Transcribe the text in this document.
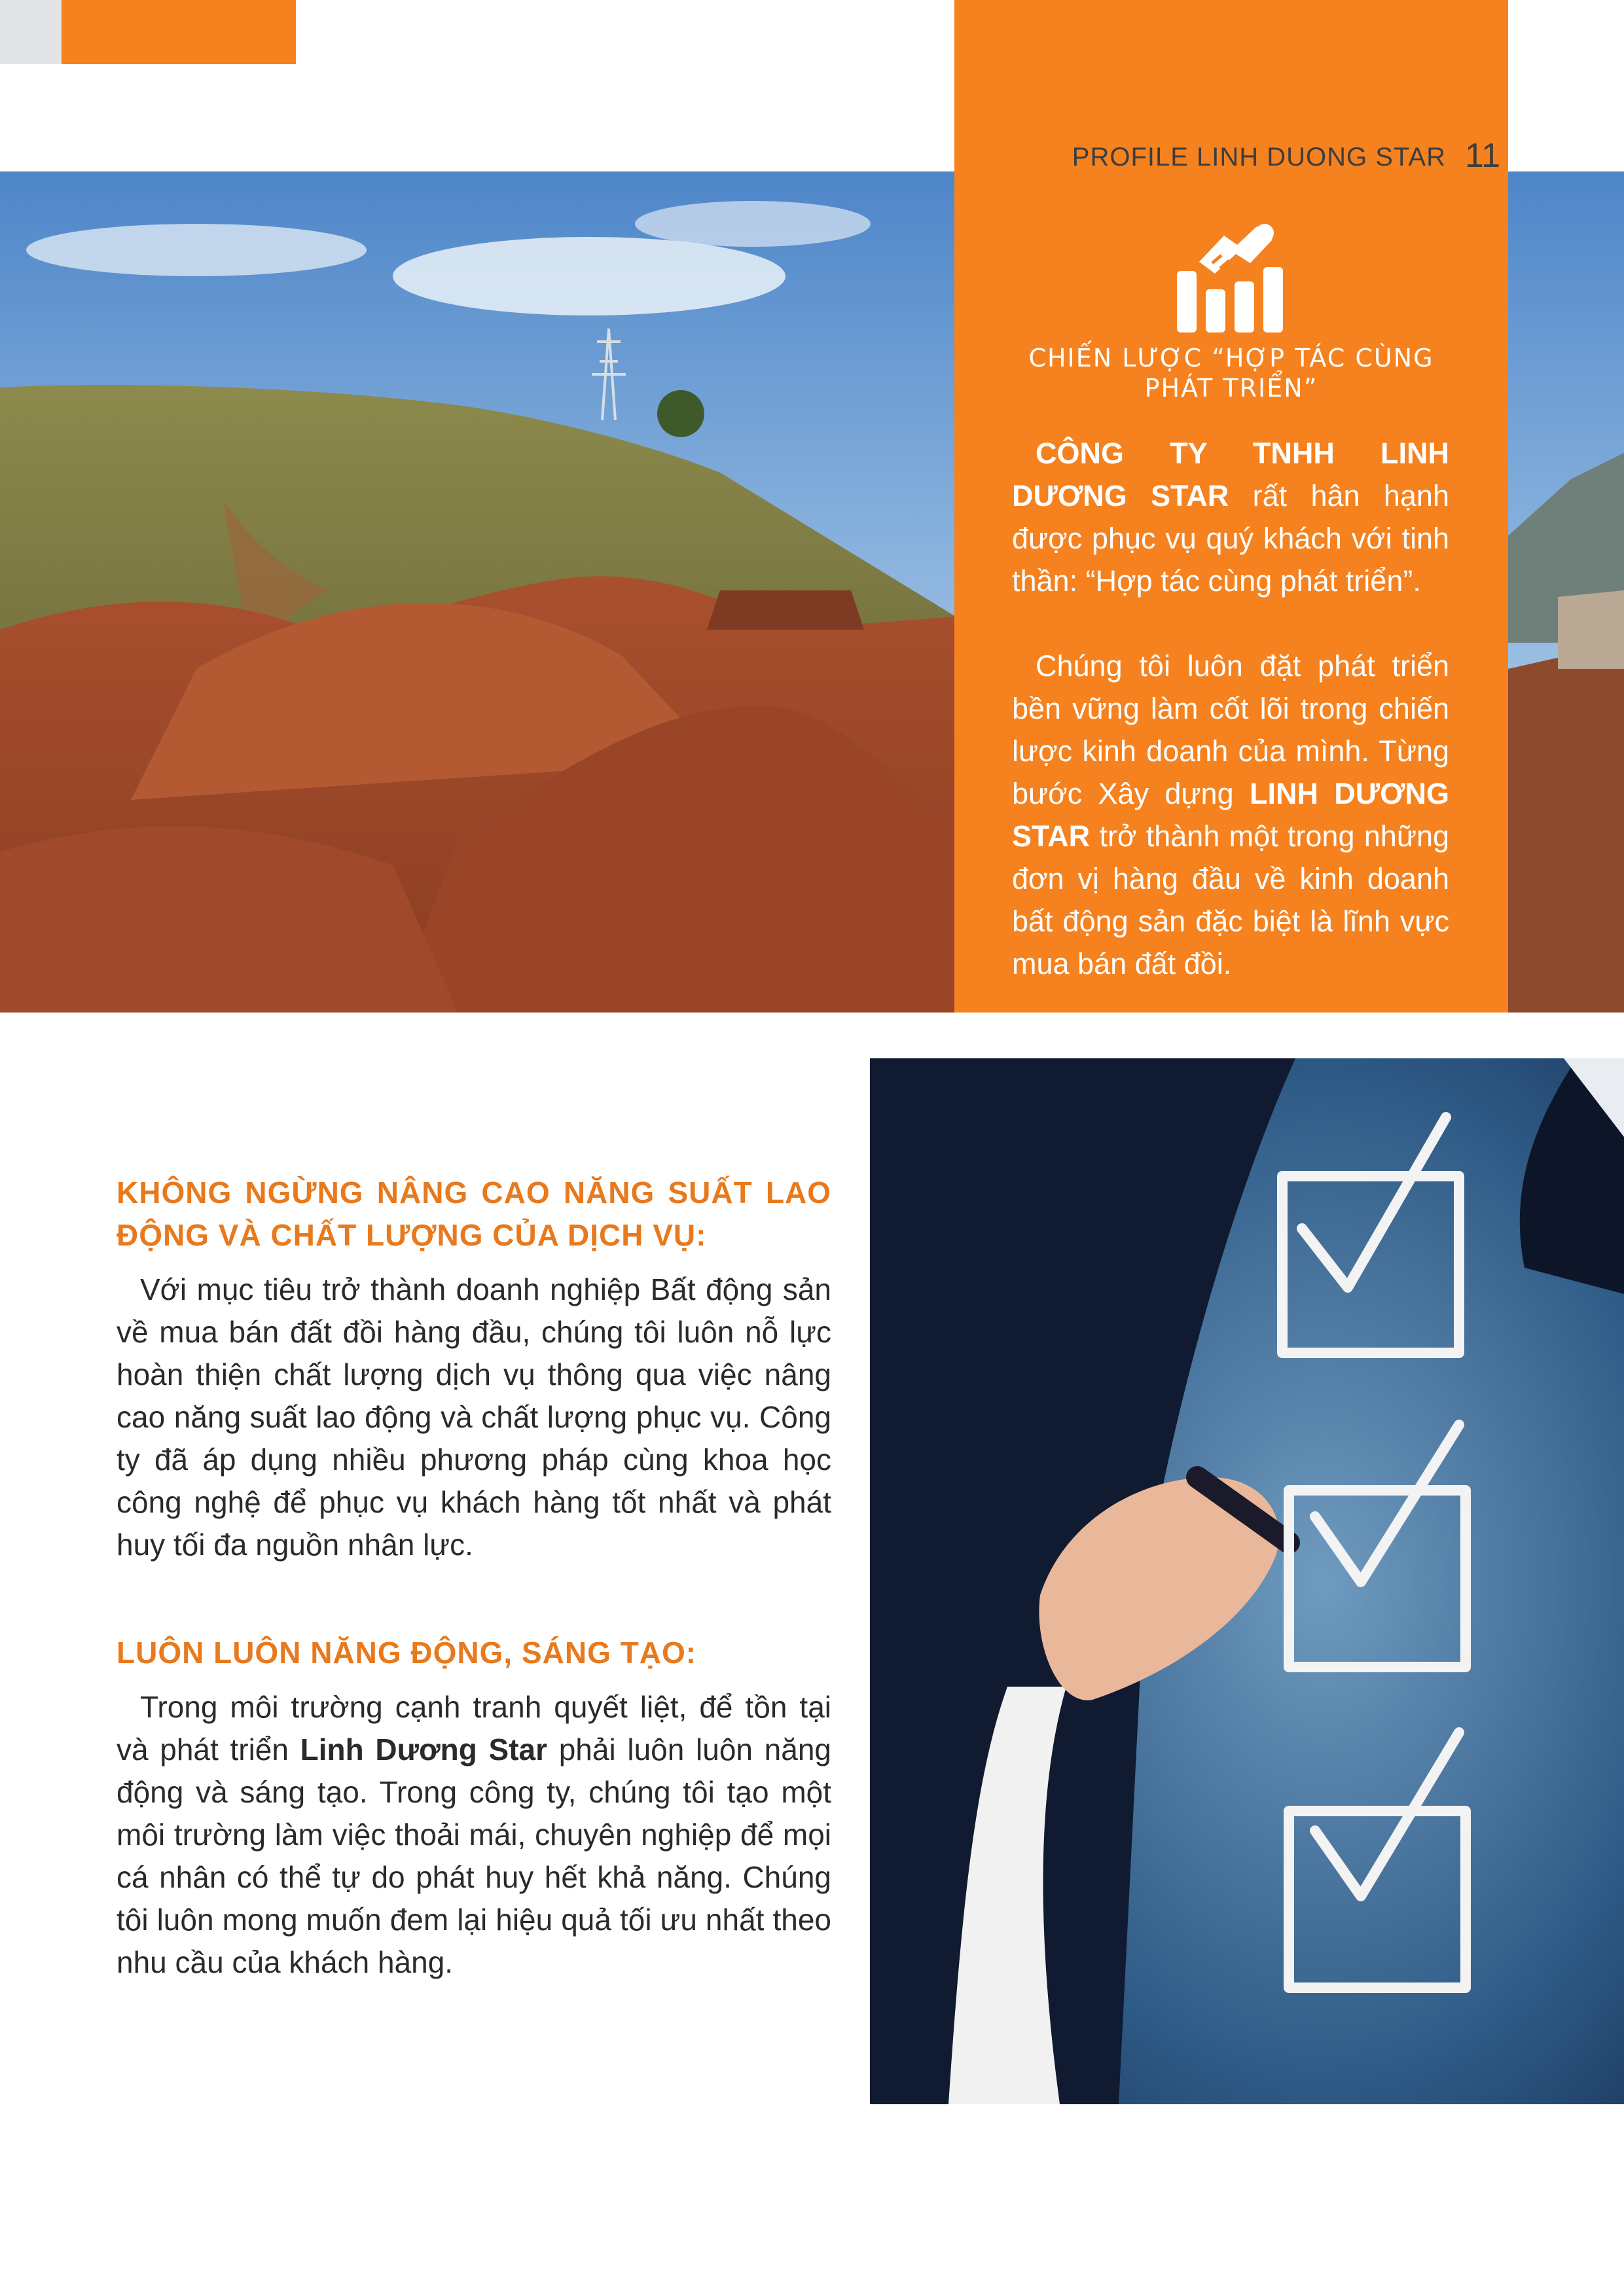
PROFILE LINH DUONG STAR 11
CHIẾN LƯỢC “HỢP TÁC CÙNG PHÁT TRIỂN”

CÔNG TY TNHH LINH DƯƠNG STAR rất hân hạnh được phục vụ quý khách với tinh thần: “Hợp tác cùng phát triển”.

Chúng tôi luôn đặt phát triển bền vững làm cốt lõi trong chiến lược kinh doanh của mình. Từng bước Xây dựng LINH DƯƠNG STAR trở thành một trong những đơn vị hàng đầu về kinh doanh bất động sản đặc biệt là lĩnh vực mua bán đất đồi.

KHÔNG NGỪNG NÂNG CAO NĂNG SUẤT LAO ĐỘNG VÀ CHẤT LƯỢNG CỦA DỊCH VỤ:

Với mục tiêu trở thành doanh nghiệp Bất động sản về mua bán đất đồi hàng đầu, chúng tôi luôn nỗ lực hoàn thiện chất lượng dịch vụ thông qua việc nâng cao năng suất lao động và chất lượng phục vụ. Công ty đã áp dụng nhiều phương pháp cùng khoa học công nghệ để phục vụ khách hàng tốt nhất và phát huy tối đa nguồn nhân lực.

LUÔN LUÔN NĂNG ĐỘNG, SÁNG TẠO:

Trong môi trường cạnh tranh quyết liệt, để tồn tại và phát triển Linh Dương Star phải luôn luôn năng động và sáng tạo. Trong công ty, chúng tôi tạo một môi trường làm việc thoải mái, chuyên nghiệp để mọi cá nhân có thể tự do phát huy hết khả năng. Chúng tôi luôn mong muốn đem lại hiệu quả tối ưu nhất theo nhu cầu của khách hàng.
